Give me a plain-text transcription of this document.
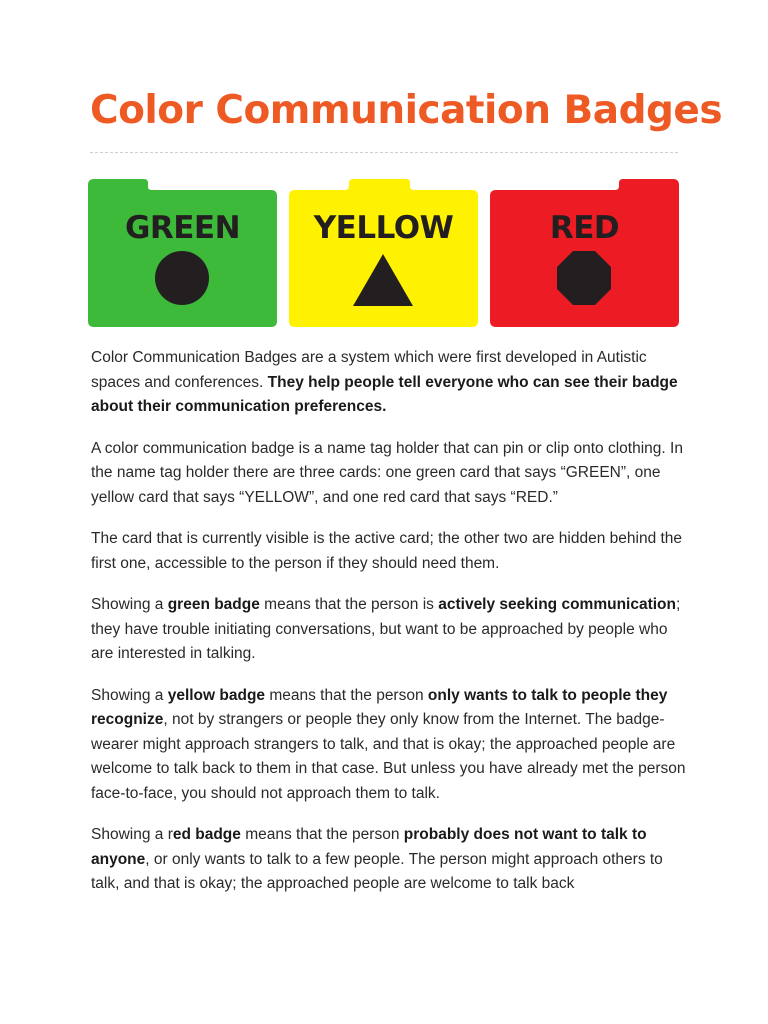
Color Communication Badges
GREEN	YELLOW	RED

Color Communication Badges are a system which were first developed in Autistic spaces and conferences. They help people tell everyone who can see their badge about their communication preferences.

A color communication badge is a name tag holder that can pin or clip onto clothing. In the name tag holder there are three cards: one green card that says “GREEN”, one yellow card that says “YELLOW”, and one red card that says “RED.”

The card that is currently visible is the active card; the other two are hidden behind the first one, accessible to the person if they should need them.

Showing a green badge means that the person is actively seeking communication; they have trouble initiating conversations, but want to be approached by people who are interested in talking.

Showing a yellow badge means that the person only wants to talk to people they recognize, not by strangers or people they only know from the Internet. The badge-wearer might approach strangers to talk, and that is okay; the approached people are welcome to talk back to them in that case. But unless you have already met the person face-to-face, you should not approach them to talk.

Showing a red badge means that the person probably does not want to talk to anyone, or only wants to talk to a few people. The person might approach others to talk, and that is okay; the approached people are welcome to talk back
